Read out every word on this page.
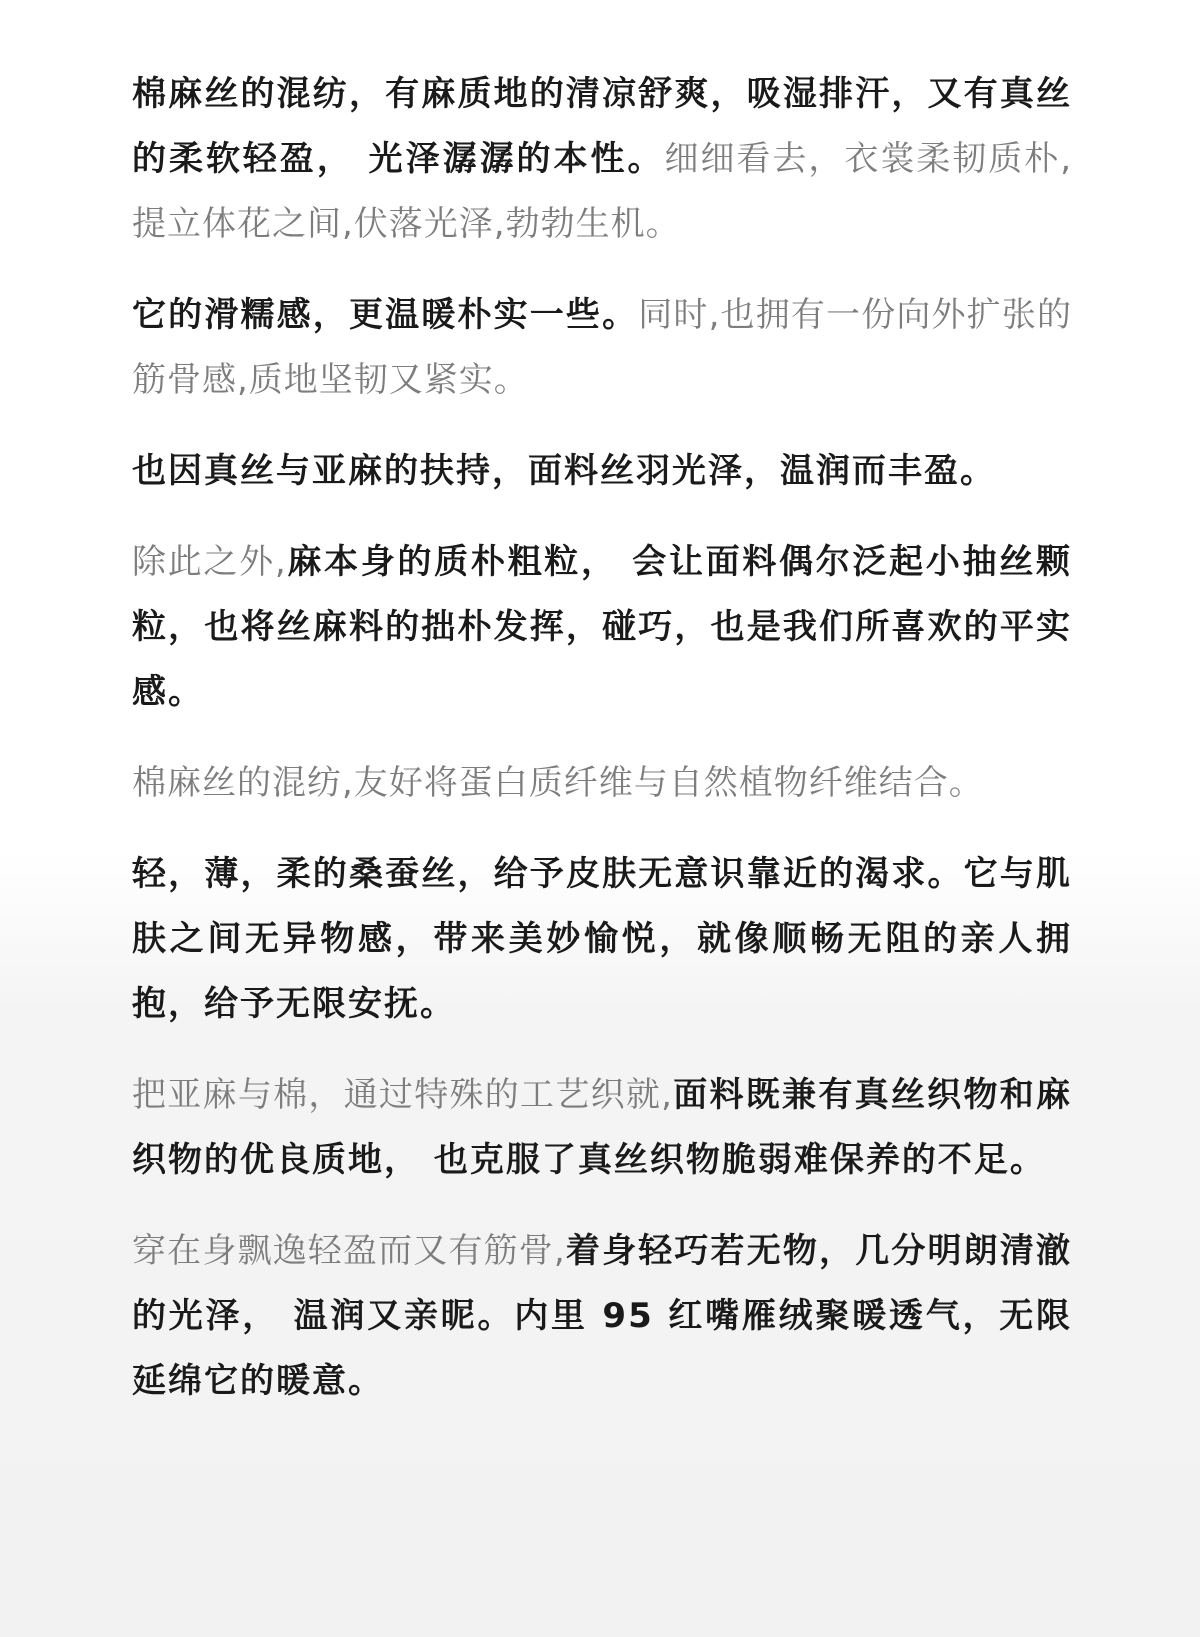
棉麻丝的混纺，有麻质地的清凉舒爽，吸湿排汗，又有真丝的柔软轻盈， 光泽潺潺的本性。细细看去，衣裳柔韧质朴,提立体花之间,伏落光泽,勃勃生机。

它的滑糯感，更温暖朴实一些。同时,也拥有一份向外扩张的筋骨感,质地坚韧又紧实。

也因真丝与亚麻的扶持，面料丝羽光泽，温润而丰盈。

除此之外,麻本身的质朴粗粒， 会让面料偶尔泛起小抽丝颗粒，也将丝麻料的拙朴发挥，碰巧，也是我们所喜欢的平实感。

棉麻丝的混纺,友好将蛋白质纤维与自然植物纤维结合。

轻，薄，柔的桑蚕丝，给予皮肤无意识靠近的渴求。它与肌肤之间无异物感，带来美妙愉悦，就像顺畅无阻的亲人拥抱，给予无限安抚。

把亚麻与棉，通过特殊的工艺织就,面料既兼有真丝织物和麻织物的优良质地， 也克服了真丝织物脆弱难保养的不足。

穿在身飘逸轻盈而又有筋骨,着身轻巧若无物，几分明朗清澈的光泽， 温润又亲昵。内里 95 红嘴雁绒聚暖透气，无限延绵它的暖意。
